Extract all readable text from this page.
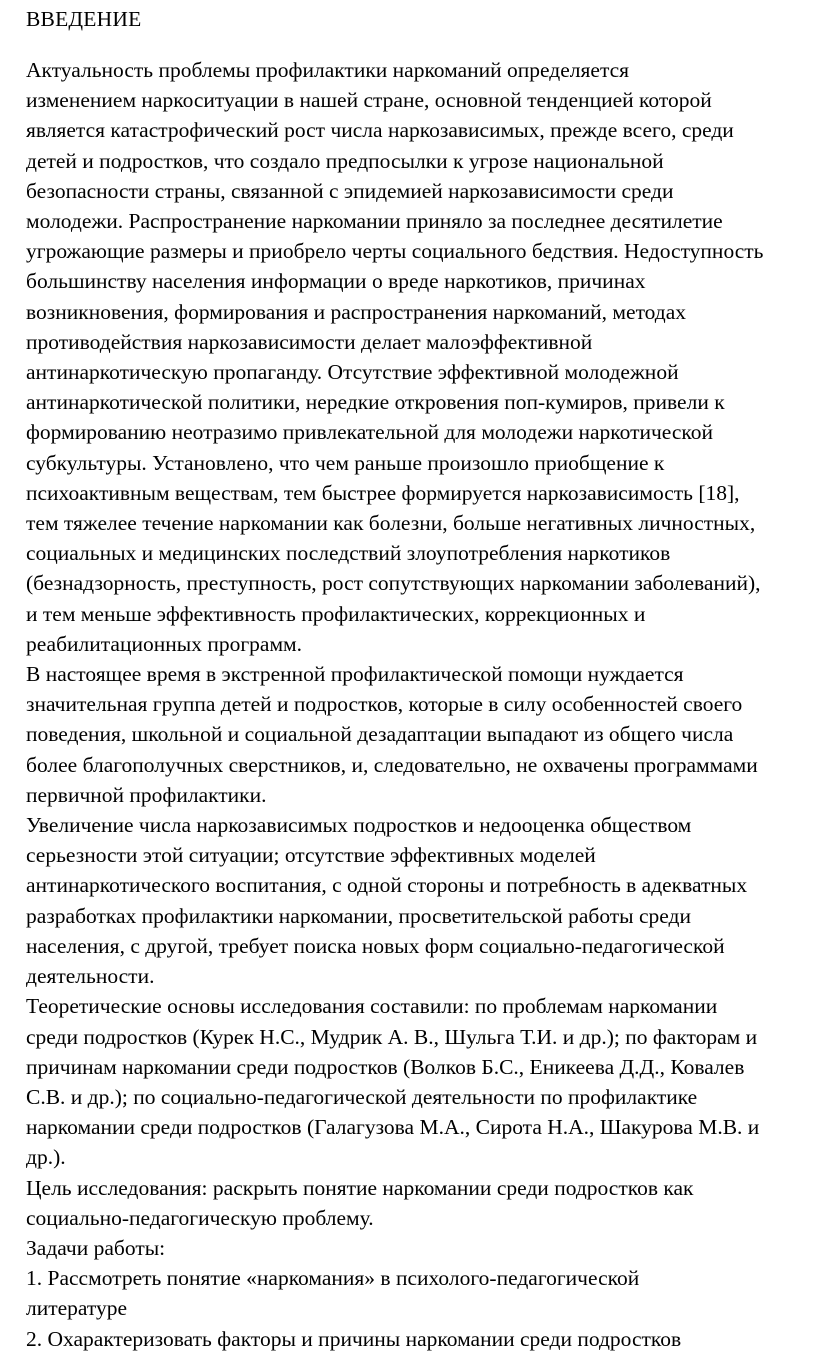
ВВЕДЕНИЕ

Актуальность проблемы профилактики наркоманий определяется
изменением наркоситуации в нашей стране, основной тенденцией которой
является катастрофический рост числа наркозависимых, прежде всего, среди
детей и подростков, что создало предпосылки к угрозе национальной
безопасности страны, связанной с эпидемией наркозависимости среди
молодежи. Распространение наркомании приняло за последнее десятилетие
угрожающие размеры и приобрело черты социального бедствия. Недоступность
большинству населения информации о вреде наркотиков, причинах
возникновения, формирования и распространения наркоманий, методах
противодействия наркозависимости делает малоэффективной
антинаркотическую пропаганду. Отсутствие эффективной молодежной
антинаркотической политики, нередкие откровения поп-кумиров, привели к
формированию неотразимо привлекательной для молодежи наркотической
субкультуры. Установлено, что чем раньше произошло приобщение к
психоактивным веществам, тем быстрее формируется наркозависимость [18],
тем тяжелее течение наркомании как болезни, больше негативных личностных,
социальных и медицинских последствий злоупотребления наркотиков
(безнадзорность, преступность, рост сопутствующих наркомании заболеваний),
и тем меньше эффективность профилактических, коррекционных и
реабилитационных программ.

В настоящее время в экстренной профилактической помощи нуждается
значительная группа детей и подростков, которые в силу особенностей своего
поведения, школьной и социальной дезадаптации выпадают из общего числа
более благополучных сверстников, и, следовательно, не охвачены программами
первичной профилактики.

Увеличение числа наркозависимых подростков и недооценка обществом
серьезности этой ситуации; отсутствие эффективных моделей
антинаркотического воспитания, с одной стороны и потребность в адекватных
разработках профилактики наркомании, просветительской работы среди
населения, с другой, требует поиска новых форм социально-педагогической
деятельности.

Теоретические основы исследования составили: по проблемам наркомании
среди подростков (Курек Н.С., Мудрик А. В., Шульга Т.И. и др.); по факторам и
причинам наркомании среди подростков (Волков Б.С., Еникеева Д.Д., Ковалев
С.В. и др.); по социально-педагогической деятельности по профилактике
наркомании среди подростков (Галагузова М.А., Сирота Н.А., Шакурова М.В. и
др.).

Цель исследования: раскрыть понятие наркомании среди подростков как
социально-педагогическую проблему.

Задачи работы:

1. Рассмотреть понятие «наркомания» в психолого-педагогической
литературе

2. Охарактеризовать факторы и причины наркомании среди подростков
